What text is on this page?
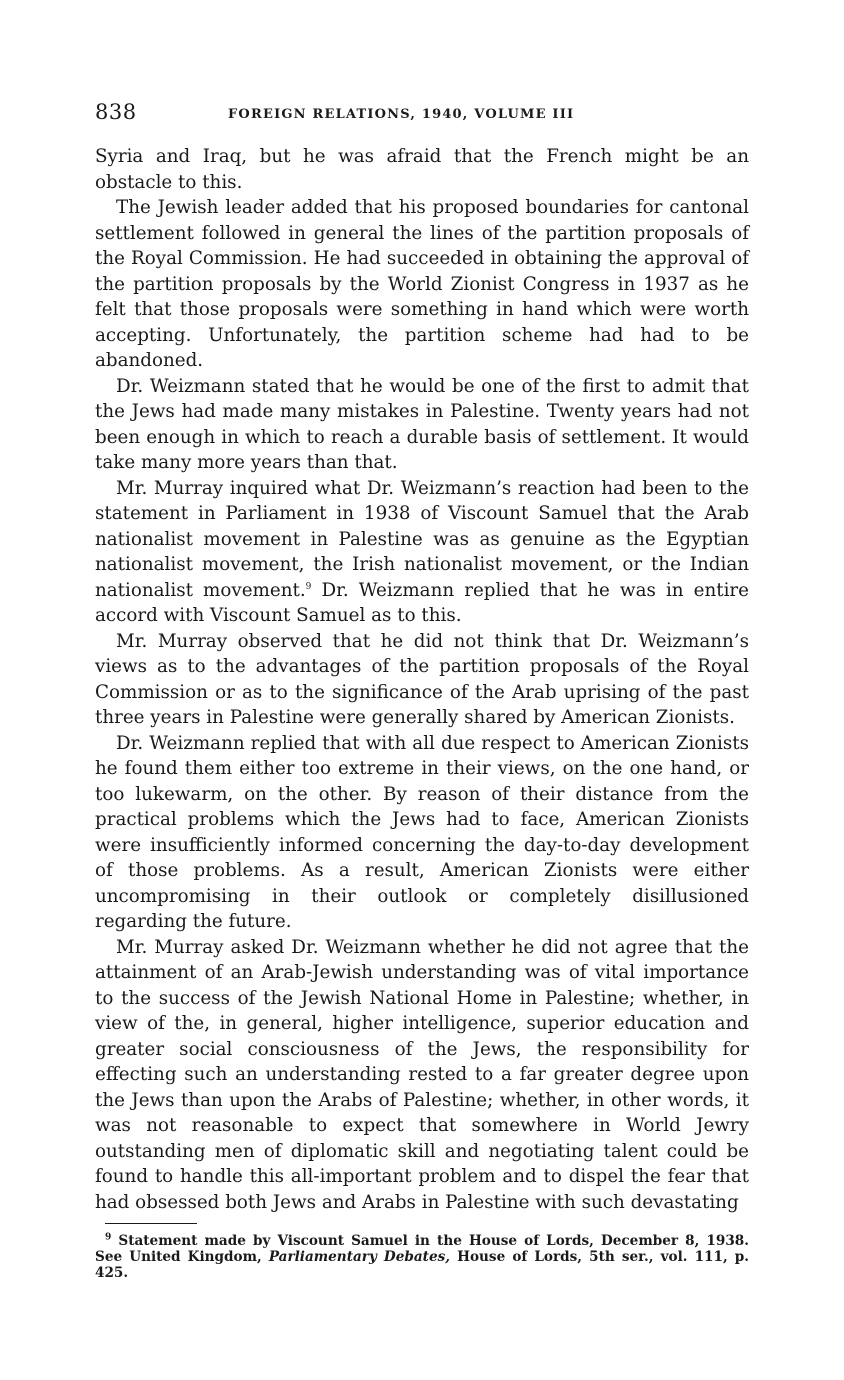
838	FOREIGN RELATIONS, 1940, VOLUME III

Syria and Iraq, but he was afraid that the French might be an obstacle to this.

The Jewish leader added that his proposed boundaries for cantonal settlement followed in general the lines of the partition proposals of the Royal Commission. He had succeeded in obtaining the approval of the partition proposals by the World Zionist Congress in 1937 as he felt that those proposals were something in hand which were worth accepting. Unfortunately, the partition scheme had had to be abandoned.

Dr. Weizmann stated that he would be one of the first to admit that the Jews had made many mistakes in Palestine. Twenty years had not been enough in which to reach a durable basis of settlement. It would take many more years than that.

Mr. Murray inquired what Dr. Weizmann’s reaction had been to the statement in Parliament in 1938 of Viscount Samuel that the Arab nationalist movement in Palestine was as genuine as the Egyptian nationalist movement, the Irish nationalist movement, or the Indian nationalist movement.$^9$ Dr. Weizmann replied that he was in entire accord with Viscount Samuel as to this.

Mr. Murray observed that he did not think that Dr. Weizmann’s views as to the advantages of the partition proposals of the Royal Commission or as to the significance of the Arab uprising of the past three years in Palestine were generally shared by American Zionists.

Dr. Weizmann replied that with all due respect to American Zionists he found them either too extreme in their views, on the one hand, or too lukewarm, on the other. By reason of their distance from the practical problems which the Jews had to face, American Zionists were insufficiently informed concerning the day-to-day development of those problems. As a result, American Zionists were either uncompromising in their outlook or completely disillusioned regarding the future.

Mr. Murray asked Dr. Weizmann whether he did not agree that the attainment of an Arab-Jewish understanding was of vital importance to the success of the Jewish National Home in Palestine; whether, in view of the, in general, higher intelligence, superior education and greater social consciousness of the Jews, the responsibility for effecting such an understanding rested to a far greater degree upon the Jews than upon the Arabs of Palestine; whether, in other words, it was not reasonable to expect that somewhere in World Jewry outstanding men of diplomatic skill and negotiating talent could be found to handle this all-important problem and to dispel the fear that had obsessed both Jews and Arabs in Palestine with such devastating

$^9$ Statement made by Viscount Samuel in the House of Lords, December 8, 1938. See United Kingdom, Parliamentary Debates, House of Lords, 5th ser., vol. 111, p. 425.
